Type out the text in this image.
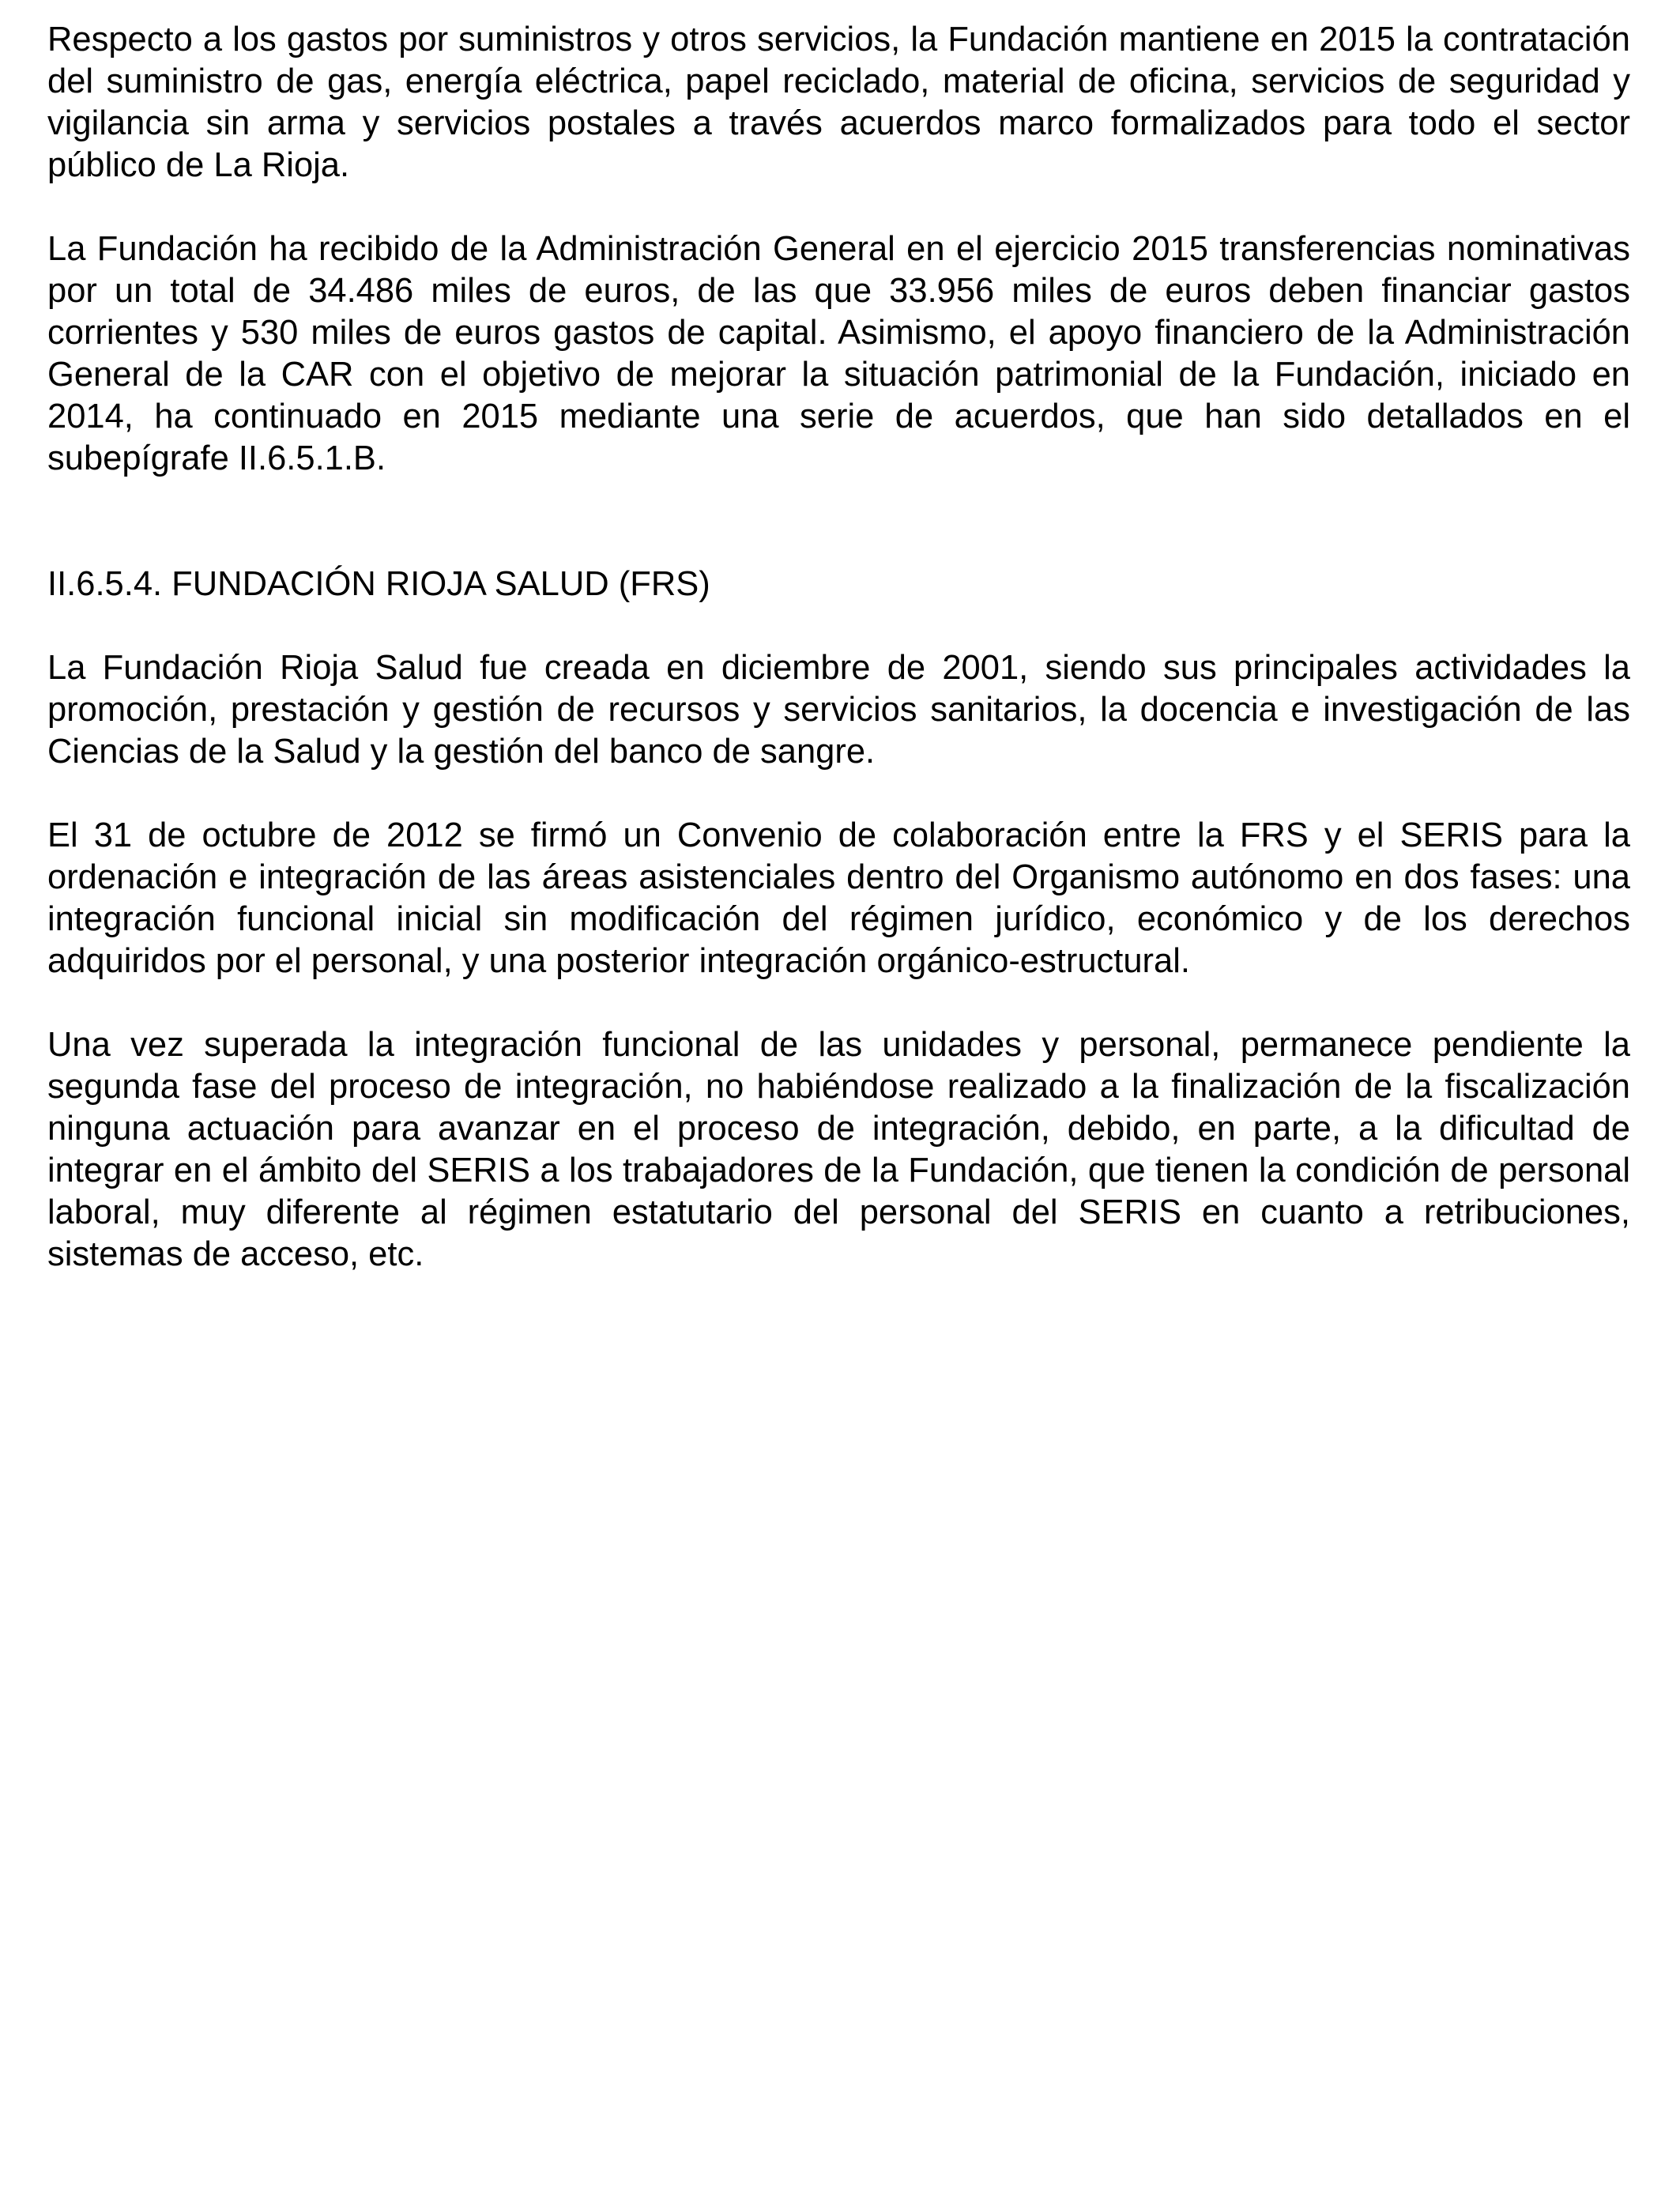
Respecto a los gastos por suministros y otros servicios, la Fundación mantiene en 2015 la contratación del suministro de gas, energía eléctrica, papel reciclado, material de oficina, servicios de seguridad y vigilancia sin arma y servicios postales a través acuerdos marco formalizados para todo el sector público de La Rioja.

La Fundación ha recibido de la Administración General en el ejercicio 2015 transferencias nominativas por un total de 34.486 miles de euros, de las que 33.956 miles de euros deben financiar gastos corrientes y 530 miles de euros gastos de capital. Asimismo, el apoyo financiero de la Administración General de la CAR con el objetivo de mejorar la situación patrimonial de la Fundación, iniciado en 2014, ha continuado en 2015 mediante una serie de acuerdos, que han sido detallados en el subepígrafe II.6.5.1.B.

II.6.5.4. FUNDACIÓN RIOJA SALUD (FRS)

La Fundación Rioja Salud fue creada en diciembre de 2001, siendo sus principales actividades la promoción, prestación y gestión de recursos y servicios sanitarios, la docencia e investigación de las Ciencias de la Salud y la gestión del banco de sangre.

El 31 de octubre de 2012 se firmó un Convenio de colaboración entre la FRS y el SERIS para la ordenación e integración de las áreas asistenciales dentro del Organismo autónomo en dos fases: una integración funcional inicial sin modificación del régimen jurídico, económico y de los derechos adquiridos por el personal, y una posterior integración orgánico-estructural.

Una vez superada la integración funcional de las unidades y personal, permanece pendiente la segunda fase del proceso de integración, no habiéndose realizado a la finalización de la fiscalización ninguna actuación para avanzar en el proceso de integración, debido, en parte, a la dificultad de integrar en el ámbito del SERIS a los trabajadores de la Fundación, que tienen la condición de personal laboral, muy diferente al régimen estatutario del personal del SERIS en cuanto a retribuciones, sistemas de acceso, etc.
